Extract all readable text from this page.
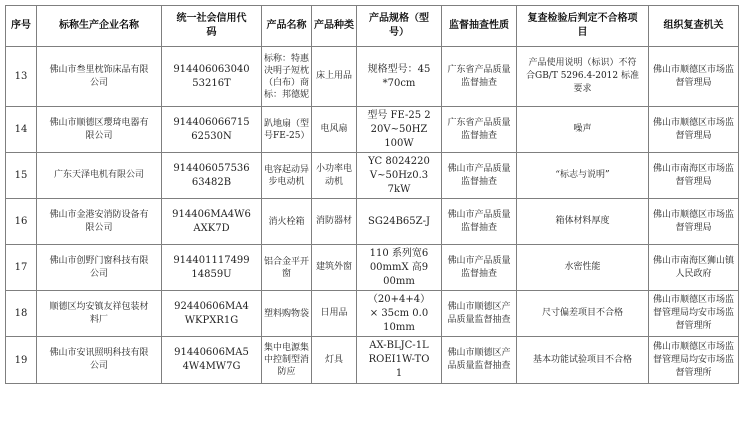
序号	标称生产企业名称	统一社会信用代码	产品名称	产品种类	产品规格（型号）	监督抽查性质	复查检验后判定不合格项目	组织复查机关
13	佛山市叁里枕饰床品有限公司	91440606304053216T	标称：特惠决明子短枕（白布）商标：邦德妮	床上用品	规格型号：45*70cm	广东省产品质量监督抽查	产品使用说明（标识）不符合GB/T 5296.4-2012 标准要求	佛山市顺德区市场监督管理局
14	佛山市顺德区璎琦电器有限公司	91440606671562530N	趴地扇（型号FE-25）	电风扇	型号 FE-25 220V~50HZ 100W	广东省产品质量监督抽查	噪声	佛山市顺德区市场监督管理局
15	广东天泽电机有限公司	91440605753663482B	电容起动异步电动机	小功率电动机	YC 8024220V~50Hz0.37kW	佛山市产品质量监督抽查	“标志与说明”	佛山市南海区市场监督管理局
16	佛山市金港安消防设备有限公司	914406MA4W6AXK7D	消火栓箱	消防器材	SG24B65Z-J	佛山市产品质量监督抽查	箱体材料厚度	佛山市顺德区市场监督管理局
17	佛山市创野门窗科技有限公司	91440111749914859U	铝合金平开窗	建筑外窗	110 系列宽600mmX 高900mm	佛山市产品质量监督抽查	水密性能	佛山市南海区狮山镇人民政府
18	顺德区均安镇友祥包装材料厂	92440606MA4WKPXR1G	塑料购物袋	日用品	（20+4+4）× 35cm 0.010mm	佛山市顺德区产品质量监督抽查	尺寸偏差项目不合格	佛山市顺德区市场监督管理局均安市场监督管理所
19	佛山市安讯照明科技有限公司	91440606MA54W4MW7G	集中电源集中控制型消防应	灯具	AX-BLJC-1LROEI1W-TO1	佛山市顺德区产品质量监督抽查	基本功能试验项目不合格	佛山市顺德区市场监督管理局均安市场监督管理所
